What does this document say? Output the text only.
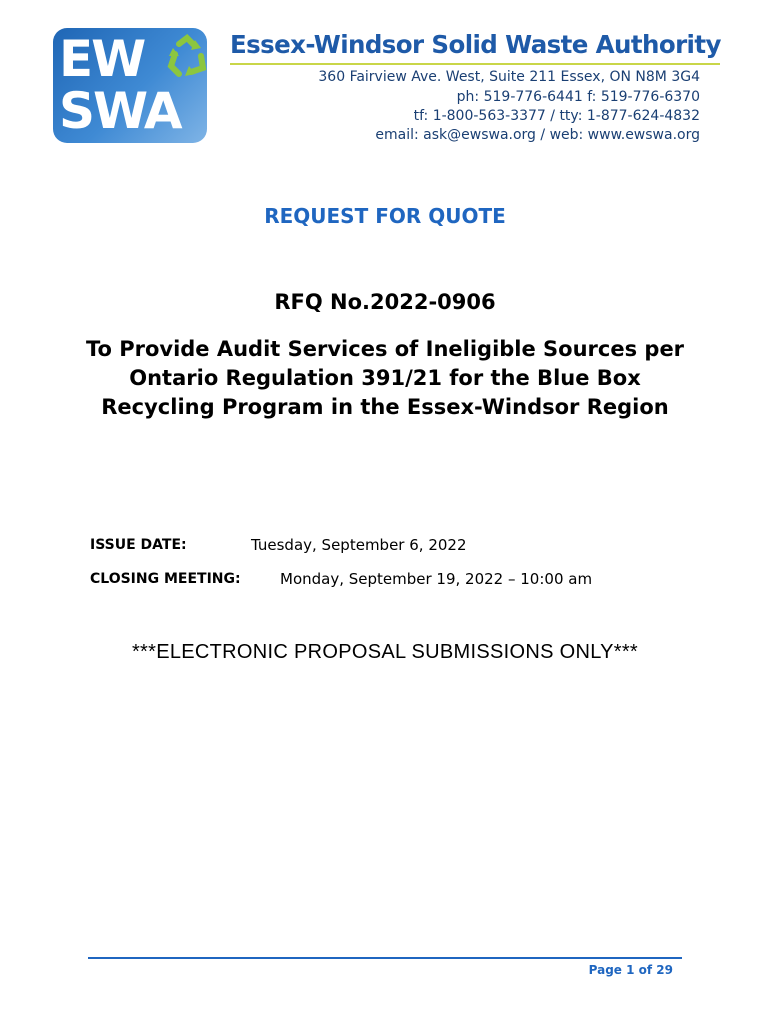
EW
SWA
Essex-Windsor Solid Waste Authority
360 Fairview Ave. West, Suite 211 Essex, ON N8M 3G4
ph: 519-776-6441 f: 519-776-6370
tf: 1-800-563-3377 / tty: 1-877-624-4832
email: ask@ewswa.org / web: www.ewswa.org
REQUEST FOR QUOTE
RFQ No.2022-0906
To Provide Audit Services of Ineligible Sources per Ontario Regulation 391/21 for the Blue Box Recycling Program in the Essex-Windsor Region
ISSUE DATE:	Tuesday, September 6, 2022
CLOSING MEETING:	Monday, September 19, 2022 – 10:00 am
***ELECTRONIC PROPOSAL SUBMISSIONS ONLY***
Page 1 of 29
